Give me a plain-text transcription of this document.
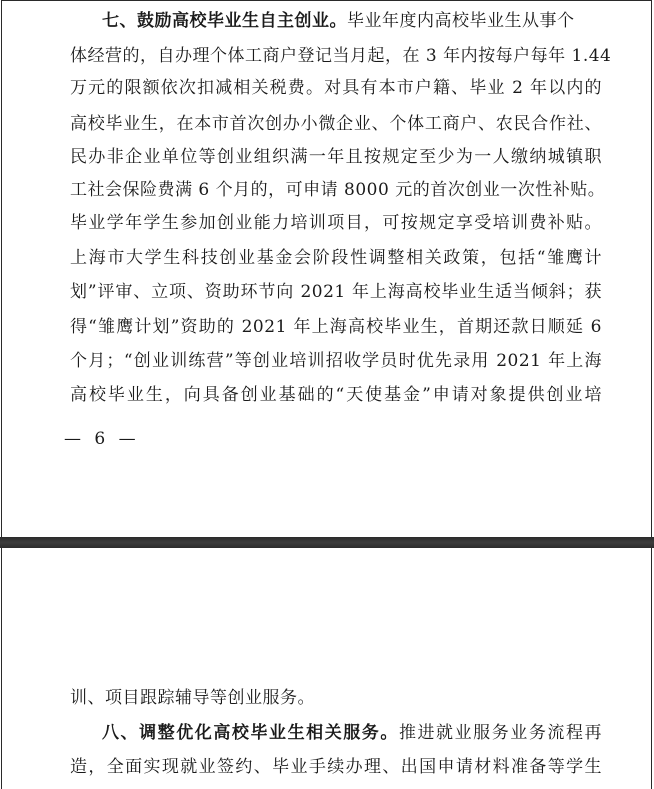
七、鼓励高校毕业生自主创业。毕业年度内高校毕业生从事个
体经营的，自办理个体工商户登记当月起，在 3 年内按每户每年 1.44
万元的限额依次扣减相关税费。对具有本市户籍、毕业 2 年以内的
高校毕业生，在本市首次创办小微企业、个体工商户、农民合作社、
民办非企业单位等创业组织满一年且按规定至少为一人缴纳城镇职
工社会保险费满 6 个月的，可申请 8000 元的首次创业一次性补贴。
毕业学年学生参加创业能力培训项目，可按规定享受培训费补贴。
上海市大学生科技创业基金会阶段性调整相关政策，包括“雏鹰计
划”评审、立项、资助环节向 2021 年上海高校毕业生适当倾斜；获
得“雏鹰计划”资助的 2021 年上海高校毕业生，首期还款日顺延 6
个月；“创业训练营”等创业培训招收学员时优先录用 2021 年上海
高校毕业生，向具备创业基础的“天使基金”申请对象提供创业培
— 6 —
训、项目跟踪辅导等创业服务。
八、调整优化高校毕业生相关服务。推进就业服务业务流程再
造，全面实现就业签约、毕业手续办理、出国申请材料准备等学生
